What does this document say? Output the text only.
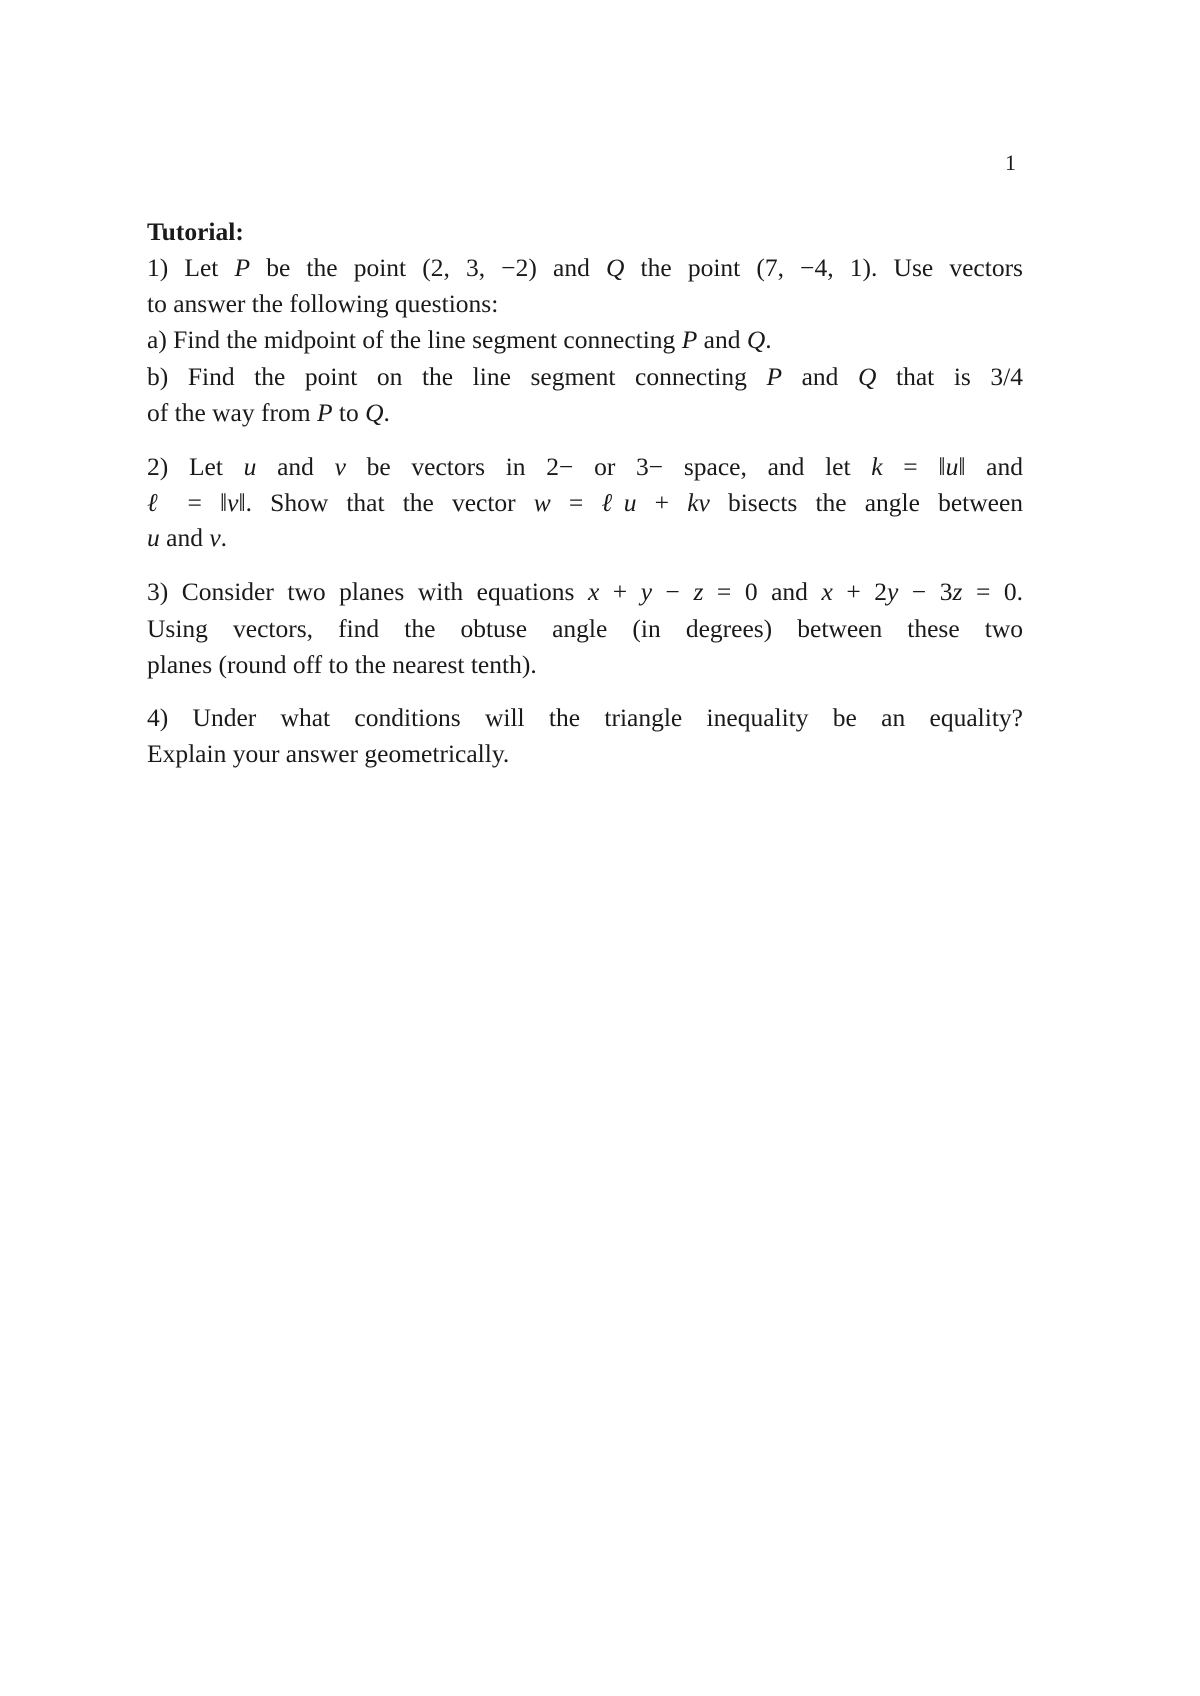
1
Tutorial:
1) Let P be the point (2, 3, −2) and Q the point (7, −4, 1). Use vectors
to answer the following questions:
a) Find the midpoint of the line segment connecting P and Q.
b) Find the point on the line segment connecting P and Q that is 3/4
of the way from P to Q.
2) Let u and v be vectors in 2− or 3− space, and let k = ‖u‖ and
ℓ = ‖v‖. Show that the vector w = ℓu + kv bisects the angle between
u and v.
3) Consider two planes with equations x + y − z = 0 and x + 2y − 3z = 0.
Using vectors, find the obtuse angle (in degrees) between these two
planes (round off to the nearest tenth).
4) Under what conditions will the triangle inequality be an equality?
Explain your answer geometrically.
